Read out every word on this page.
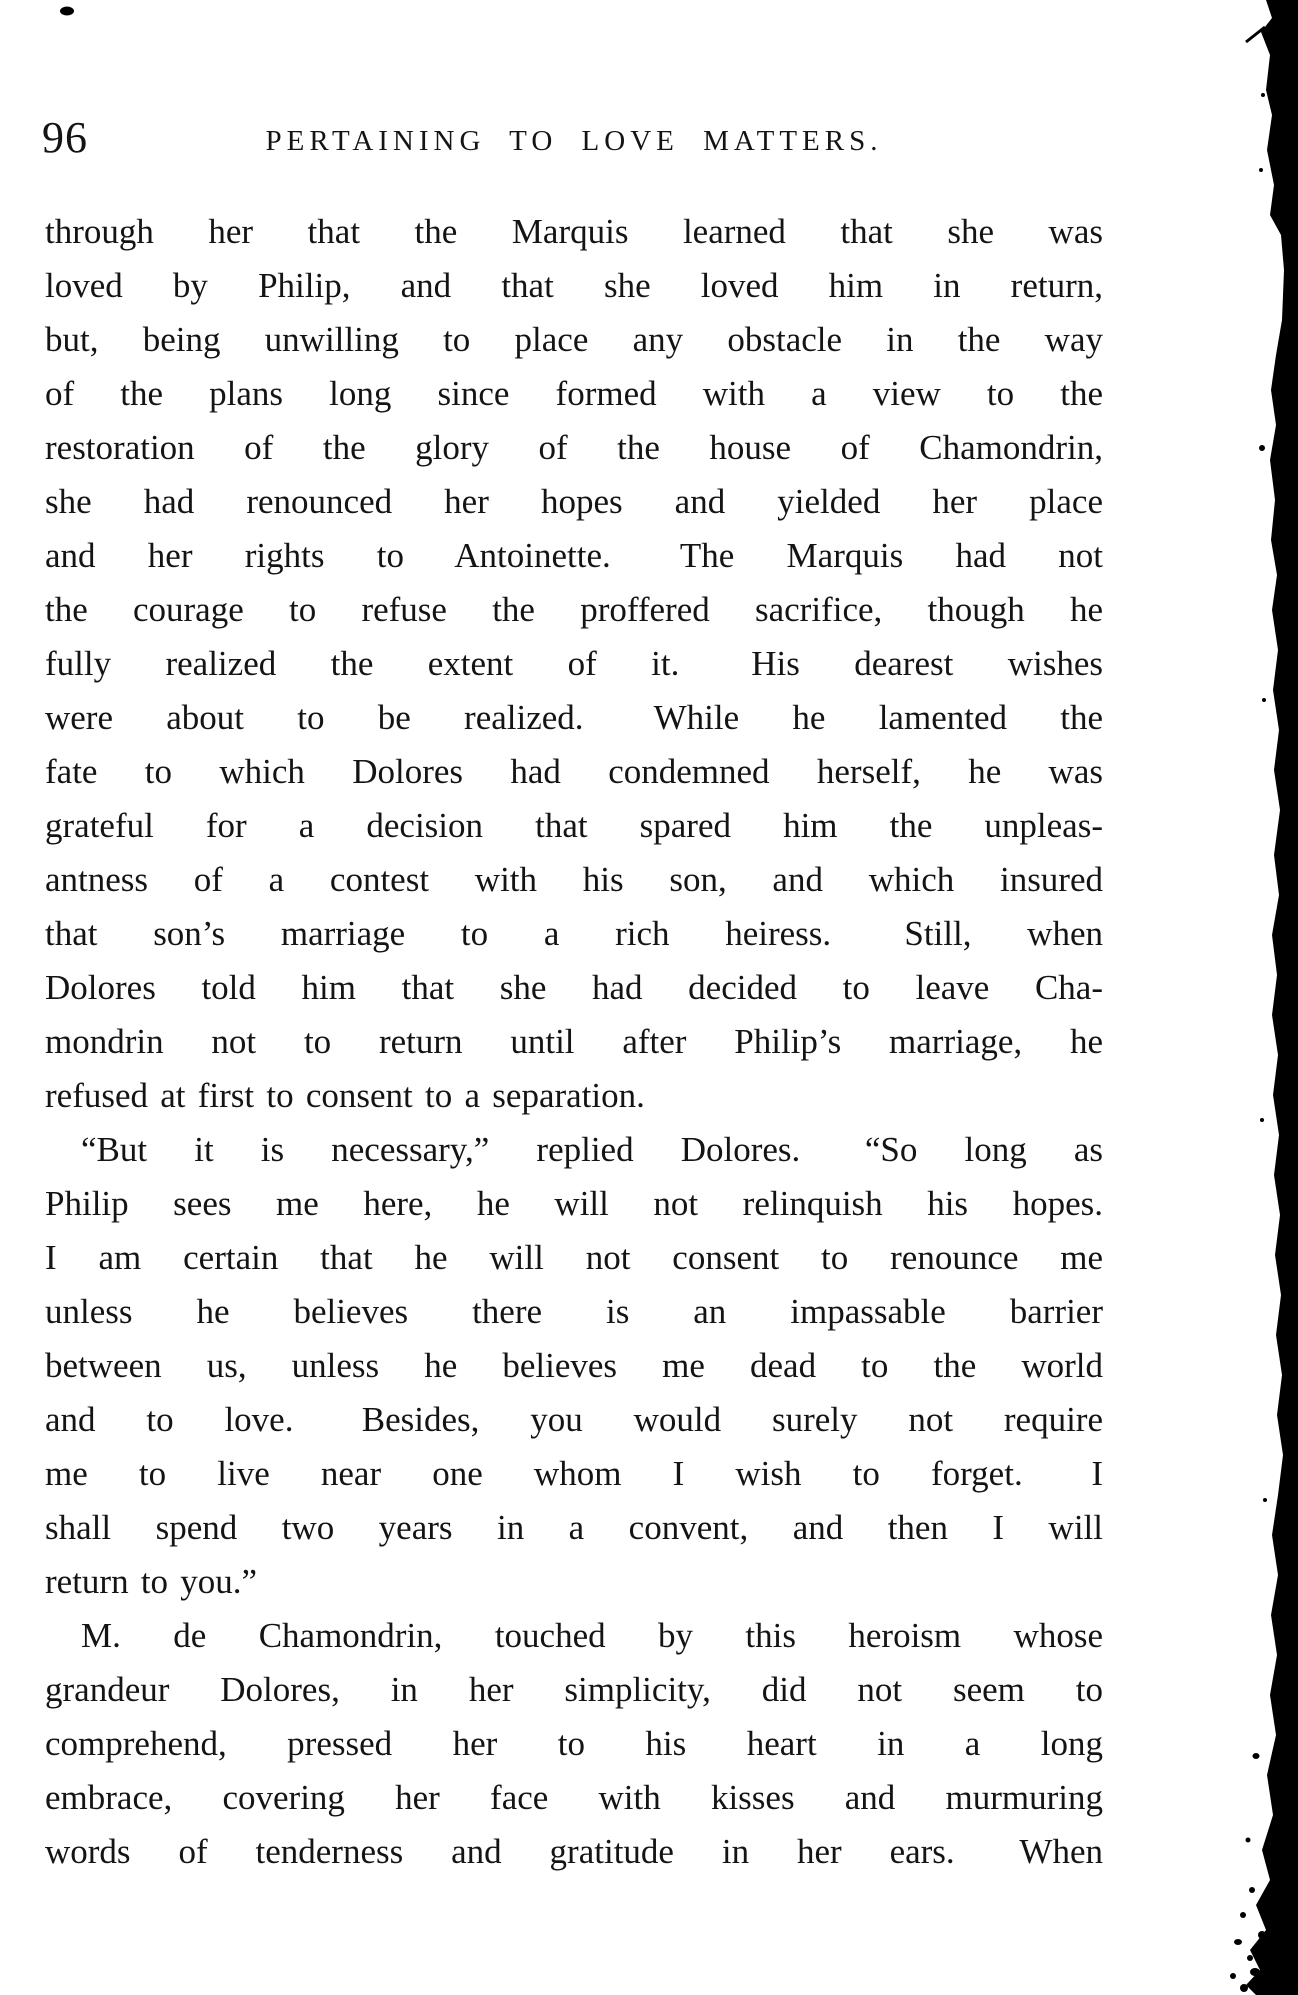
96	PERTAINING TO LOVE MATTERS.
through her that the Marquis learned that she was
loved by Philip, and that she loved him in return,
but, being unwilling to place any obstacle in the way
of the plans long since formed with a view to the
restoration of the glory of the house of Chamondrin,
she had renounced her hopes and yielded her place
and her rights to Antoinette.  The Marquis had not
the courage to refuse the proffered sacrifice, though he
fully realized the extent of it.  His dearest wishes
were about to be realized.  While he lamented the
fate to which Dolores had condemned herself, he was
grateful for a decision that spared him the unpleas-
antness of a contest with his son, and which insured
that son’s marriage to a rich heiress.  Still, when
Dolores told him that she had decided to leave Cha-
mondrin not to return until after Philip’s marriage, he
refused at first to consent to a separation.
“But it is necessary,” replied Dolores.  “So long as
Philip sees me here, he will not relinquish his hopes.
I am certain that he will not consent to renounce me
unless he believes there is an impassable barrier
between us, unless he believes me dead to the world
and to love.  Besides, you would surely not require
me to live near one whom I wish to forget.  I
shall spend two years in a convent, and then I will
return to you.”
M. de Chamondrin, touched by this heroism whose
grandeur Dolores, in her simplicity, did not seem to
comprehend, pressed her to his heart in a long
embrace, covering her face with kisses and murmuring
words of tenderness and gratitude in her ears.  When
